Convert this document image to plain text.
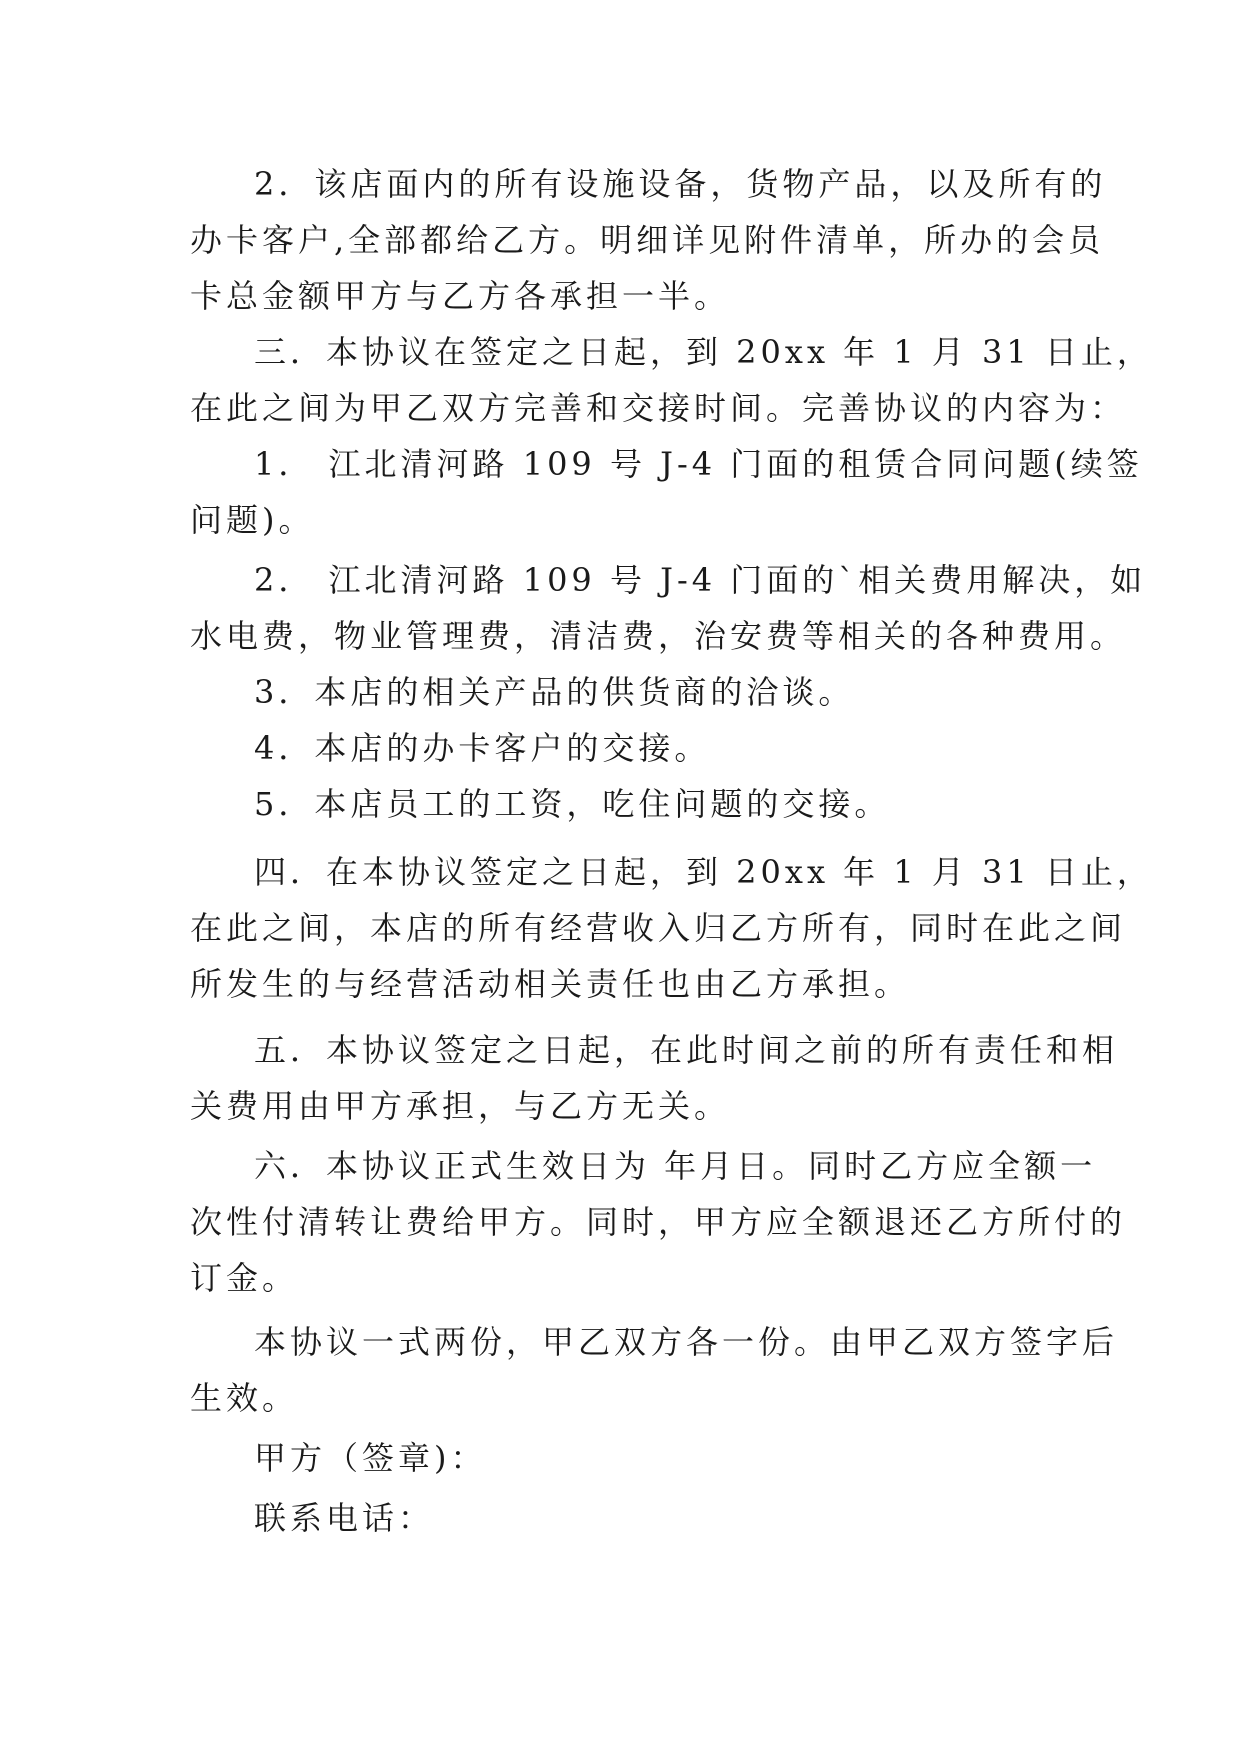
2．该店面内的所有设施设备，货物产品，以及所有的
办卡客户,全部都给乙方。明细详见附件清单，所办的会员
卡总金额甲方与乙方各承担一半。
三．本协议在签定之日起，到 20xx 年 1 月 31 日止，
在此之间为甲乙双方完善和交接时间。完善协议的内容为：
1． 江北清河路 109 号 J-4 门面的租赁合同问题(续签
问题)。
2． 江北清河路 109 号 J-4 门面的`相关费用解决，如
水电费，物业管理费，清洁费，治安费等相关的各种费用。
3．本店的相关产品的供货商的洽谈。
4．本店的办卡客户的交接。
5．本店员工的工资，吃住问题的交接。
四．在本协议签定之日起，到 20xx 年 1 月 31 日止，
在此之间，本店的所有经营收入归乙方所有，同时在此之间
所发生的与经营活动相关责任也由乙方承担。
五．本协议签定之日起，在此时间之前的所有责任和相
关费用由甲方承担，与乙方无关。
六．本协议正式生效日为 年月日。同时乙方应全额一
次性付清转让费给甲方。同时，甲方应全额退还乙方所付的
订金。
本协议一式两份，甲乙双方各一份。由甲乙双方签字后
生效。
甲方（签章)：
联系电话：
